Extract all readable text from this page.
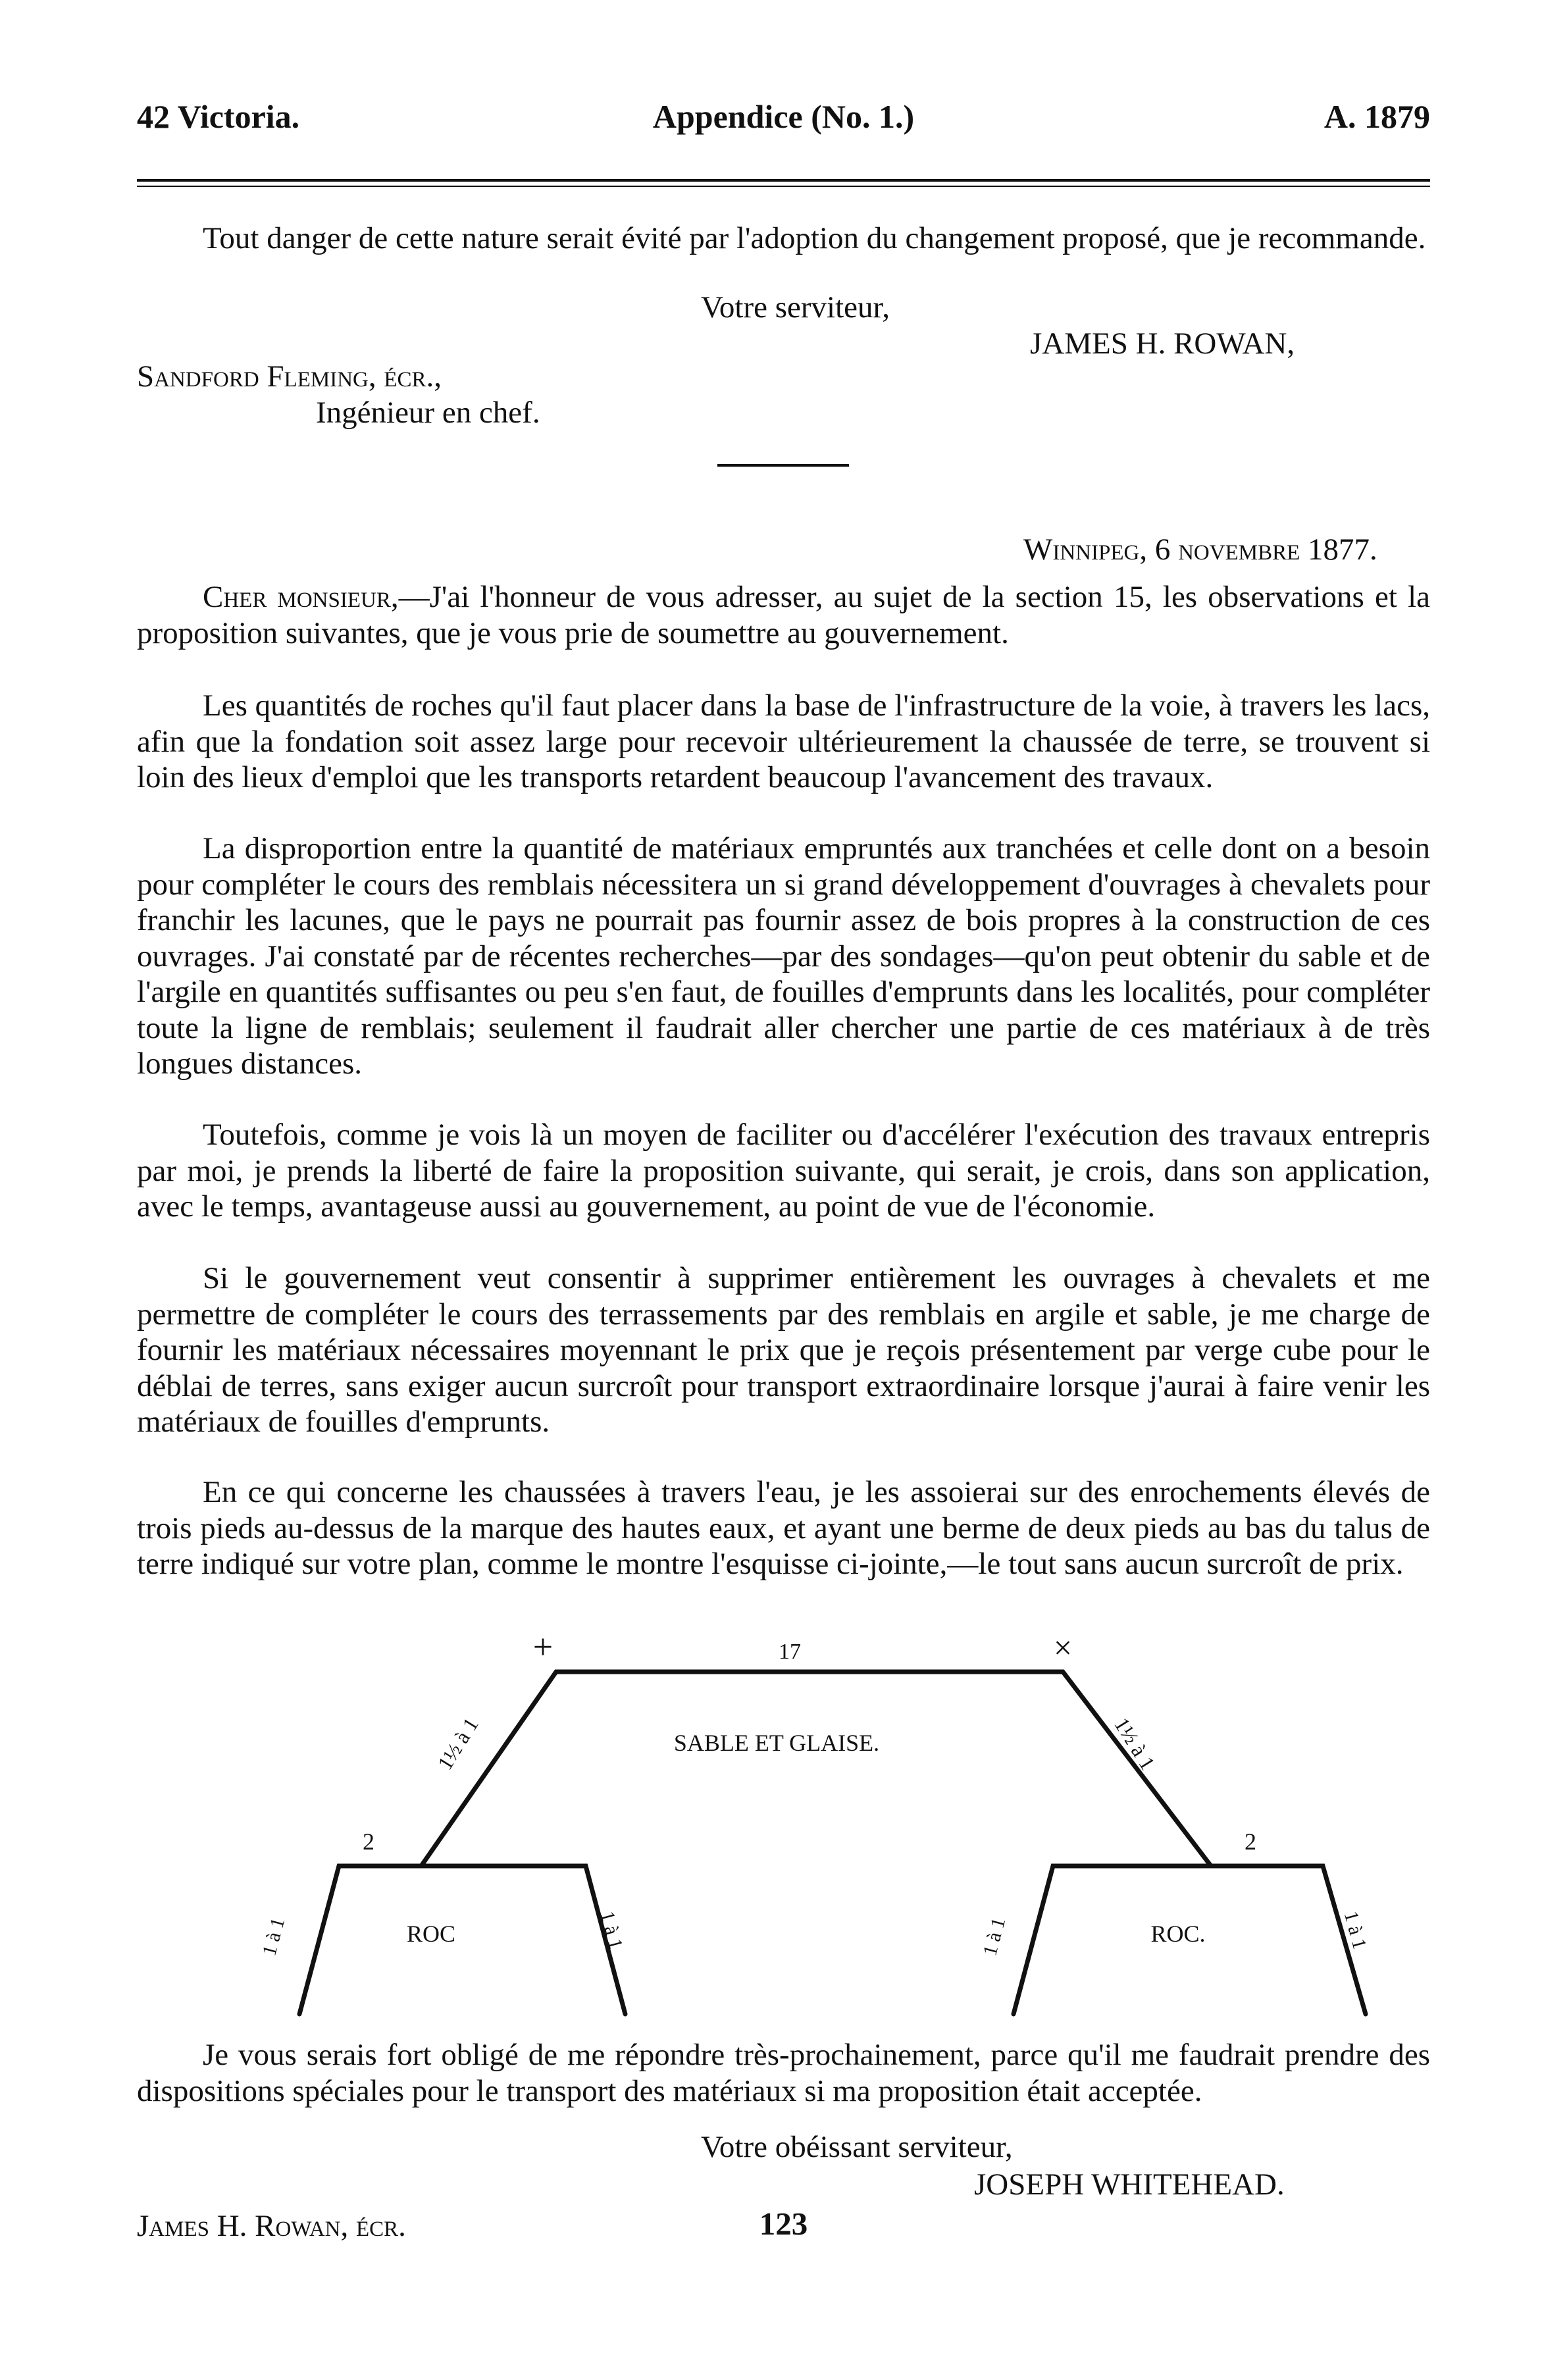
42 Victoria.	Appendice (No. 1.)	A. 1879

Tout danger de cette nature serait évité par l'adoption du changement proposé, que je recommande.

Votre serviteur,
JAMES H. ROWAN,
Sandford Fleming, écr.,
Ingénieur en chef.
Winnipeg, 6 novembre 1877.

Cher monsieur,—J'ai l'honneur de vous adresser, au sujet de la section 15, les observations et la proposition suivantes, que je vous prie de soumettre au gouvernement.

Les quantités de roches qu'il faut placer dans la base de l'infrastructure de la voie, à travers les lacs, afin que la fondation soit assez large pour recevoir ultérieurement la chaussée de terre, se trouvent si loin des lieux d'emploi que les transports retardent beaucoup l'avancement des travaux.

La disproportion entre la quantité de matériaux empruntés aux tranchées et celle dont on a besoin pour compléter le cours des remblais nécessitera un si grand développement d'ouvrages à chevalets pour franchir les lacunes, que le pays ne pourrait pas fournir assez de bois propres à la construction de ces ouvrages. J'ai constaté par de récentes recherches—par des sondages—qu'on peut obtenir du sable et de l'argile en quantités suffisantes ou peu s'en faut, de fouilles d'emprunts dans les localités, pour compléter toute la ligne de remblais; seulement il faudrait aller chercher une partie de ces matériaux à de très longues distances.

Toutefois, comme je vois là un moyen de faciliter ou d'accélérer l'exécution des travaux entrepris par moi, je prends la liberté de faire la proposition suivante, qui serait, je crois, dans son application, avec le temps, avantageuse aussi au gouvernement, au point de vue de l'économie.

Si le gouvernement veut consentir à supprimer entièrement les ouvrages à chevalets et me permettre de compléter le cours des terrassements par des remblais en argile et sable, je me charge de fournir les matériaux nécessaires moyennant le prix que je reçois présentement par verge cube pour le déblai de terres, sans exiger aucun surcroît pour transport extraordinaire lorsque j'aurai à faire venir les matériaux de fouilles d'emprunts.

En ce qui concerne les chaussées à travers l'eau, je les assoierai sur des enrochements élevés de trois pieds au-dessus de la marque des hautes eaux, et ayant une berme de deux pieds au bas du talus de terre indiqué sur votre plan, comme le montre l'esquisse ci-jointe,—le tout sans aucun surcroît de prix.

+	×
17
SABLE ET GLAISE.
ROC	ROC.
2	2
1½ à 1	1½ à 1
1 à 1	1 à 1	1 à 1	1 à 1

Je vous serais fort obligé de me répondre très-prochainement, parce qu'il me faudrait prendre des dispositions spéciales pour le transport des matériaux si ma proposition était acceptée.

Votre obéissant serviteur,
JOSEPH WHITEHEAD.
James H. Rowan, écr.	123
